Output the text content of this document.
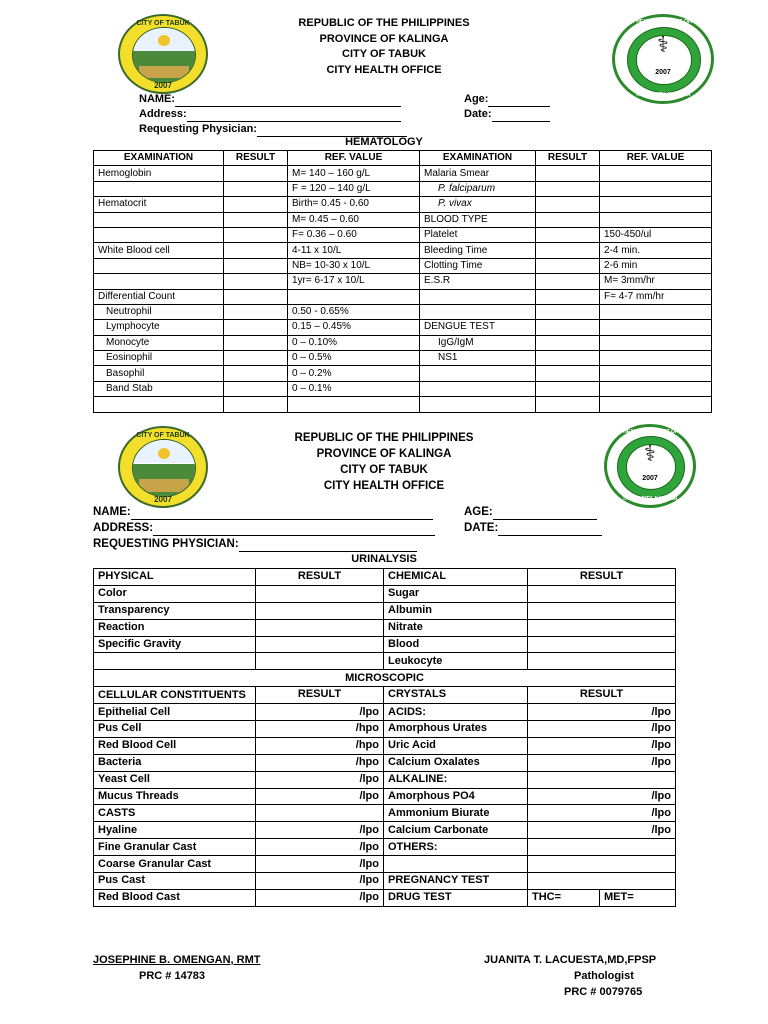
CITY OF TABUK
2007
REPUBLIC OF THE PHILIPPINES
PROVINCE OF KALINGA
CITY OF TABUK
CITY HEALTH OFFICE
⚕
2007
CITY HEALTH SERVICES OFFICE
TABUK CITY, KALINGA
NAME:
Address:
Requesting Physician:
Age:
Date:
HEMATOLOGY
EXAMINATION	RESULT	REF. VALUE	EXAMINATION	RESULT	REF. VALUE
Hemoglobin		M= 140 – 160 g/L	Malaria Smear		
		F = 120 – 140 g/L	P. falciparum		
Hematocrit		Birth= 0.45 - 0.60	P. vivax		
		M= 0.45 – 0.60	BLOOD TYPE		
		F= 0.36 – 0.60	Platelet		150-450/ul
White Blood cell		4-11 x 10/L	Bleeding Time		2-4 min.
		NB= 10-30 x 10/L	Clotting Time		2-6 min
		1yr= 6-17 x 10/L	E.S.R		M= 3mm/hr
Differential Count					F= 4-7 mm/hr
Neutrophil		0.50 - 0.65%			
Lymphocyte		0.15 – 0.45%	DENGUE TEST		
Monocyte		0 – 0.10%	IgG/IgM		
Eosinophil		0 – 0.5%	NS1		
Basophil		0 – 0.2%			
Band Stab		0 – 0.1%			

CITY OF TABUK
2007
REPUBLIC OF THE PHILIPPINES
PROVINCE OF KALINGA
CITY OF TABUK
CITY HEALTH OFFICE
⚕
2007
CITY HEALTH SERVICES OFFICE
TABUK CITY, KALINGA
NAME:
ADDRESS:
REQUESTING PHYSICIAN:
AGE:
DATE:
URINALYSIS
PHYSICAL	RESULT	CHEMICAL	RESULT	
Color		Sugar		
Transparency		Albumin		
Reaction		Nitrate		
Specific Gravity		Blood		
		Leukocyte		
MICROSCOPIC				
CELLULAR CONSTITUENTS	RESULT	CRYSTALS	RESULT	
Epithelial Cell	/lpo	ACIDS:	/lpo	
Pus Cell	/hpo	Amorphous Urates	/lpo	
Red Blood Cell	/hpo	Uric Acid	/lpo	
Bacteria	/hpo	Calcium Oxalates	/lpo	
Yeast Cell	/lpo	ALKALINE:		
Mucus Threads	/lpo	Amorphous PO4	/lpo	
CASTS		Ammonium Biurate	/lpo	
Hyaline	/lpo	Calcium Carbonate	/lpo	
Fine Granular Cast	/lpo	OTHERS:		
Coarse Granular Cast	/lpo			
Pus Cast	/lpo	PREGNANCY TEST		
Red Blood Cast	/lpo	DRUG TEST	THC=	MET=
JOSEPHINE B. OMENGAN, RMT
PRC # 14783
JUANITA T. LACUESTA,MD,FPSP
Pathologist
PRC # 0079765
